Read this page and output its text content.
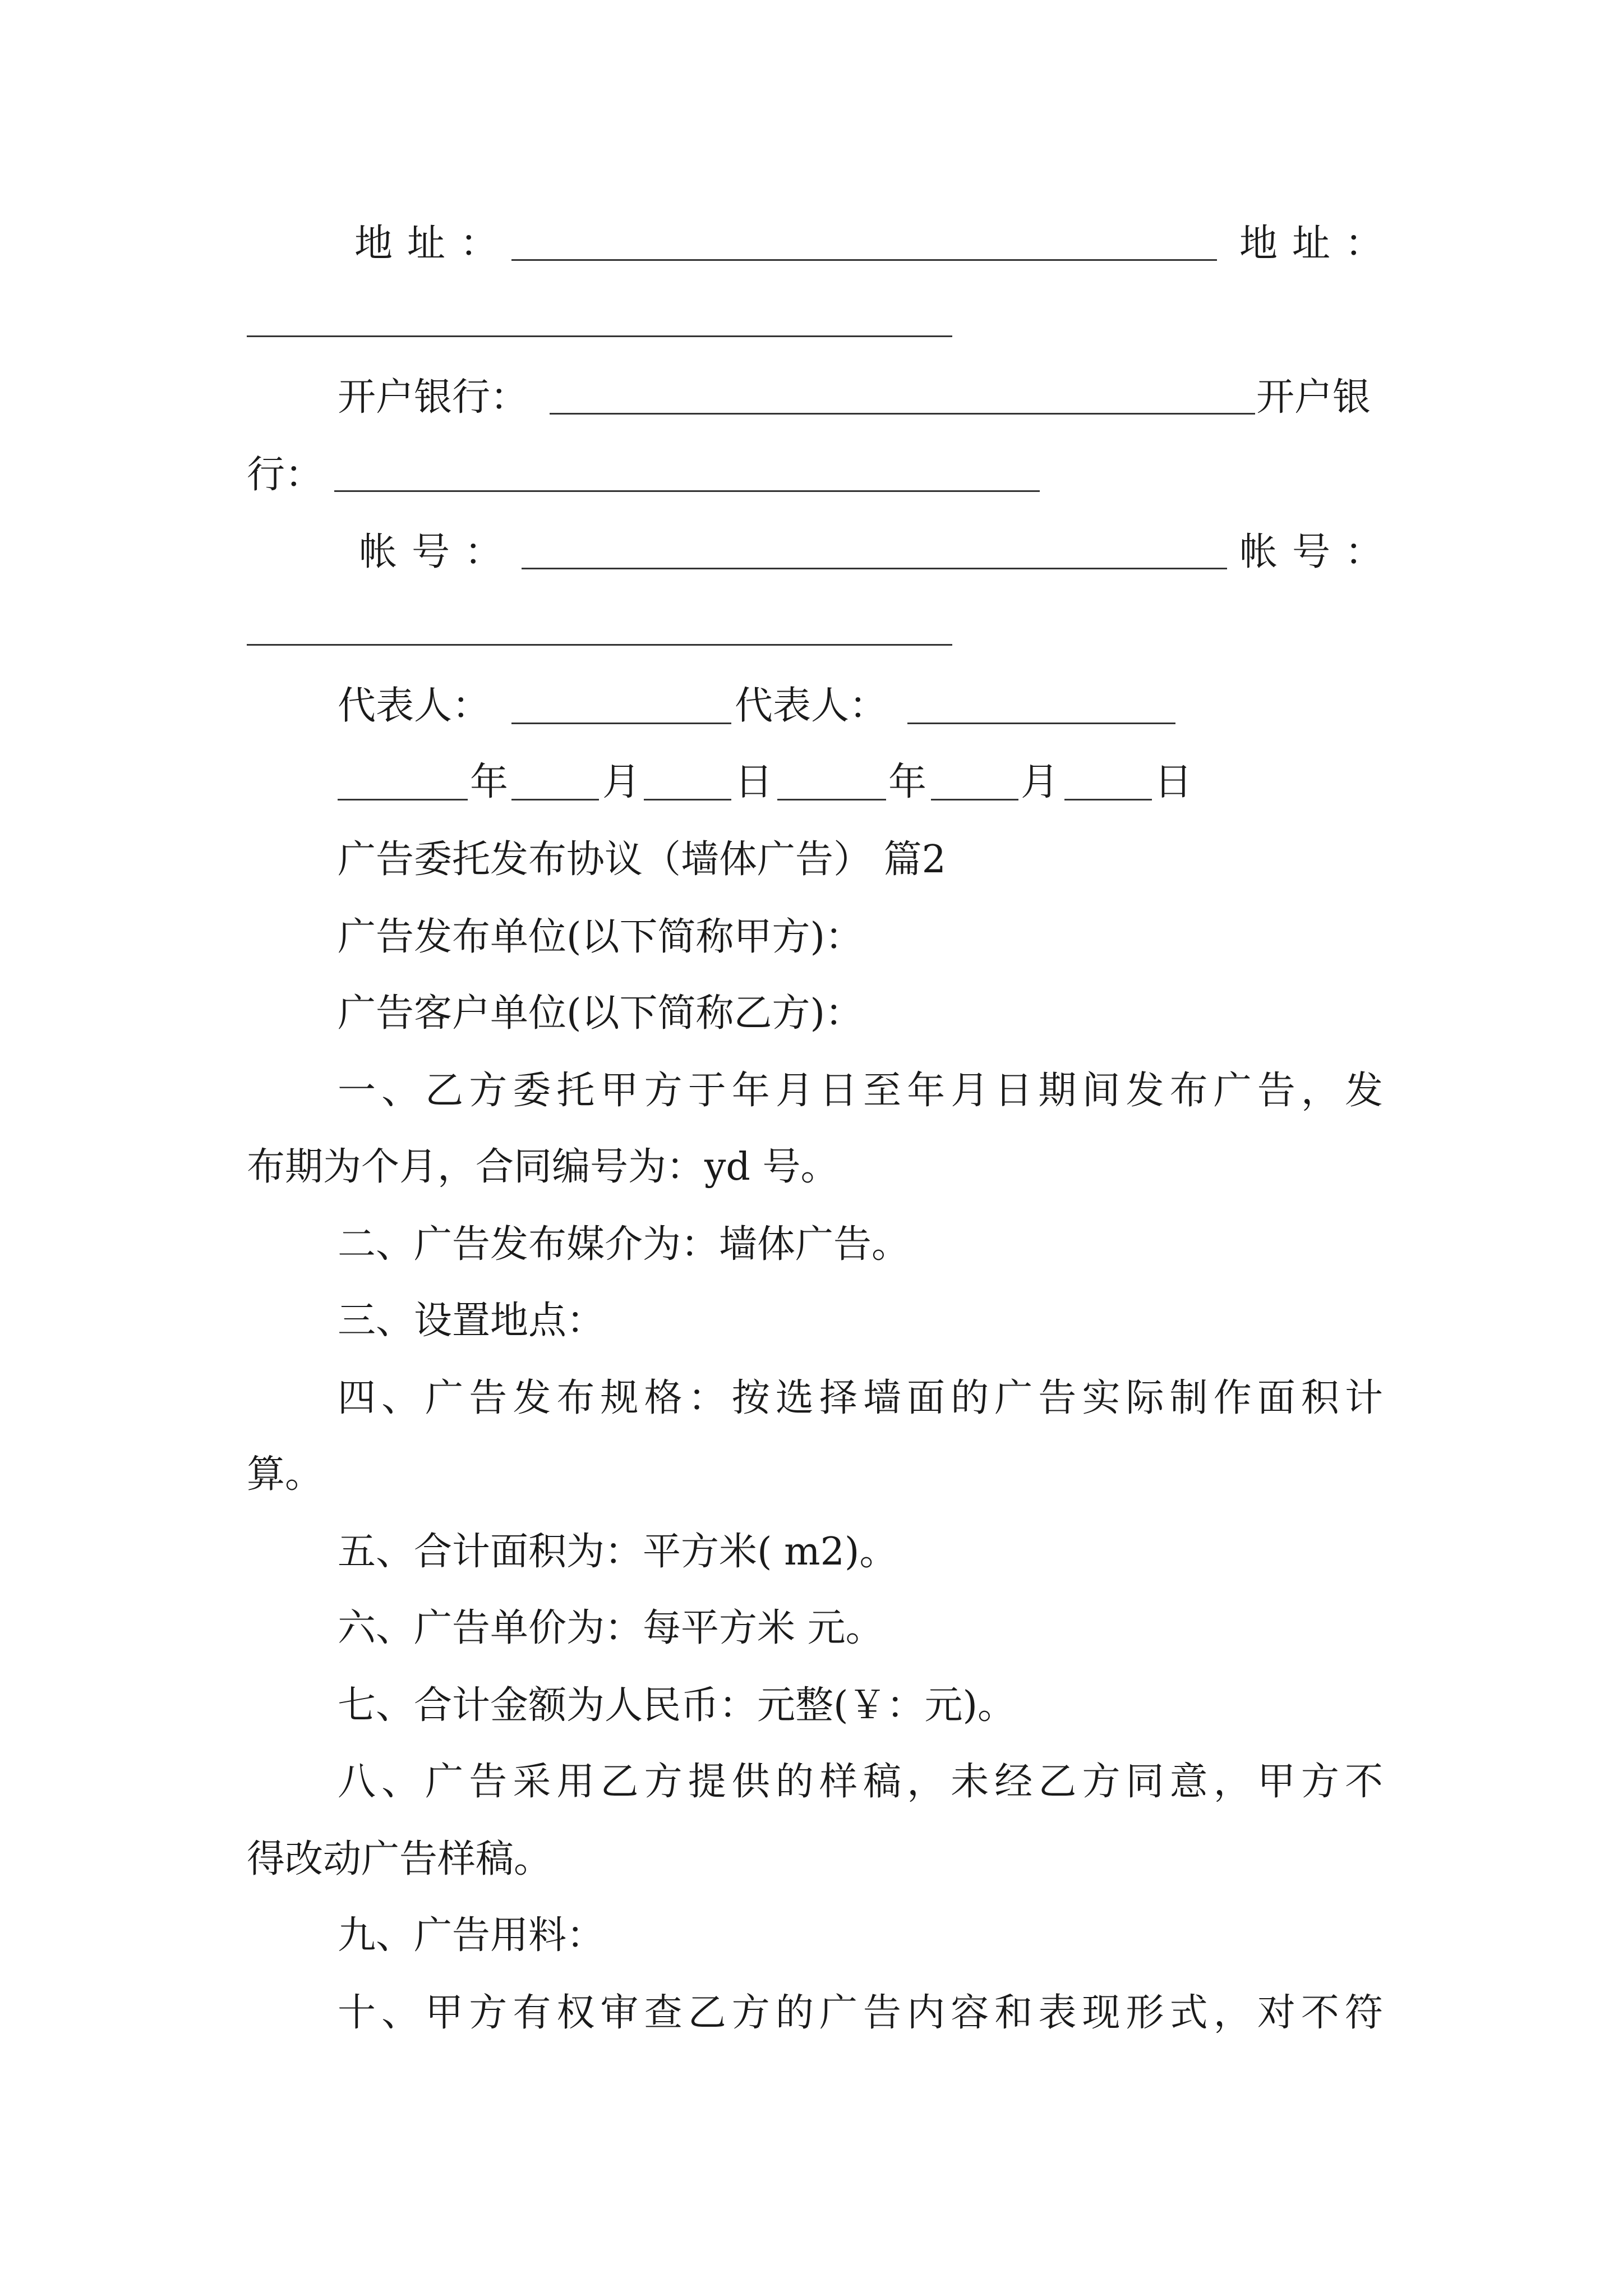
地址：	地址：
开户银行：	开户银
行：
帐号：	帐号：
代表人：	代表人：
年 月 日	年 月 日
广告委托发布协议（墙体广告） 篇2
广告发布单位(以下简称甲方)：
广告客户单位(以下简称乙方)：
一、乙方委托甲方于年月日至年月日期间发布广告，发
布期为个月，合同编号为：yd 号。
二、广告发布媒介为：墙体广告。
三、设置地点：
四、广告发布规格：按选择墙面的广告实际制作面积计
算。
五、合计面积为：平方米( m2)。
六、广告单价为：每平方米 元。
七、合计金额为人民币：元整(￥：元)。
八、广告采用乙方提供的样稿，未经乙方同意，甲方不
得改动广告样稿。
九、广告用料：
十、甲方有权审查乙方的广告内容和表现形式，对不符
